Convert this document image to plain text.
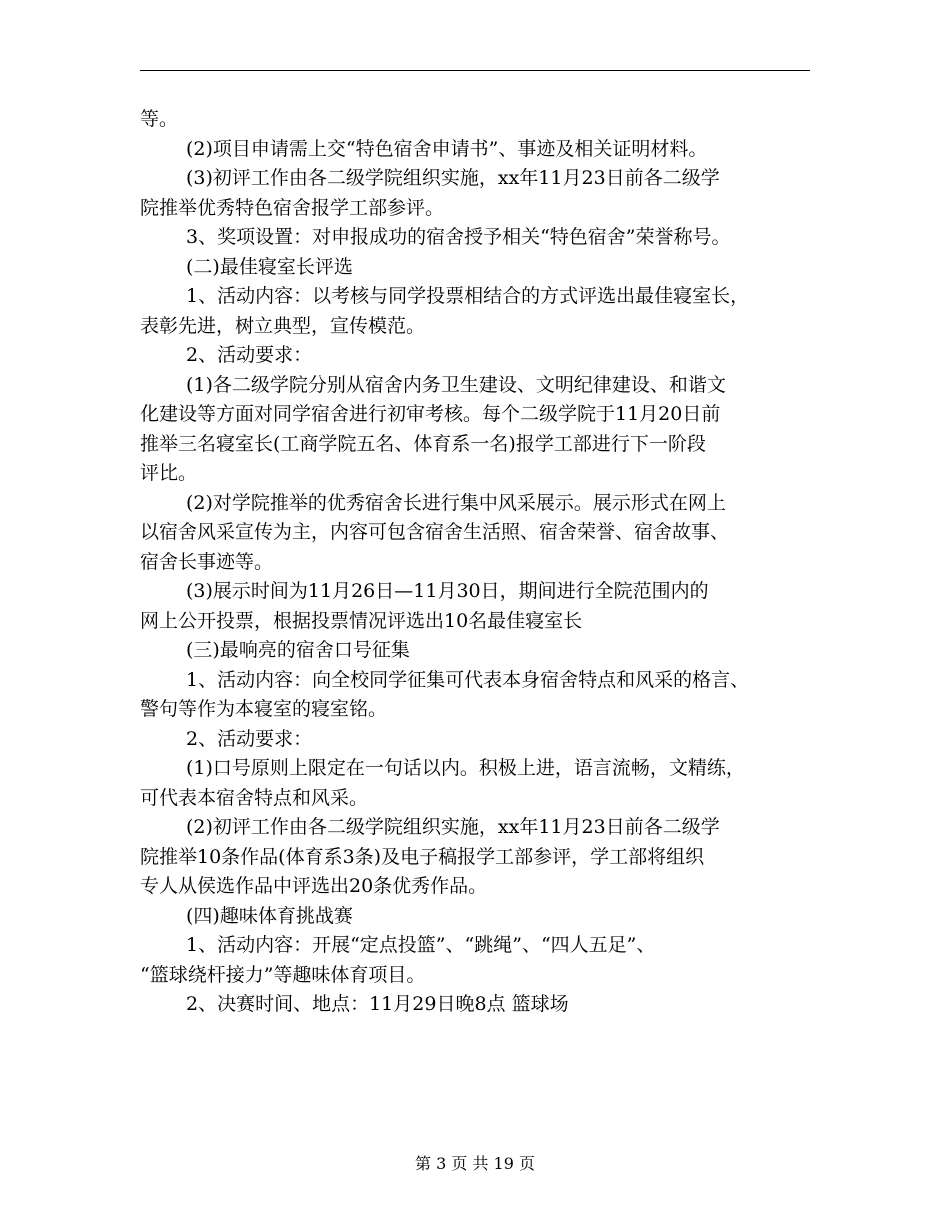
等。
(2)项目申请需上交“特色宿舍申请书”、事迹及相关证明材料。
(3)初评工作由各二级学院组织实施，xx年11月23日前各二级学
院推举优秀特色宿舍报学工部参评。
3、奖项设置：对申报成功的宿舍授予相关“特色宿舍”荣誉称号。
(二)最佳寝室长评选
1、活动内容：以考核与同学投票相结合的方式评选出最佳寝室长，
表彰先进，树立典型，宣传模范。
2、活动要求：
(1)各二级学院分别从宿舍内务卫生建设、文明纪律建设、和谐文
化建设等方面对同学宿舍进行初审考核。每个二级学院于11月20日前
推举三名寝室长(工商学院五名、体育系一名)报学工部进行下一阶段
评比。
(2)对学院推举的优秀宿舍长进行集中风采展示。展示形式在网上
以宿舍风采宣传为主，内容可包含宿舍生活照、宿舍荣誉、宿舍故事、
宿舍长事迹等。
(3)展示时间为11月26日—11月30日，期间进行全院范围内的
网上公开投票，根据投票情况评选出10名最佳寝室长
(三)最响亮的宿舍口号征集
1、活动内容：向全校同学征集可代表本身宿舍特点和风采的格言、
警句等作为本寝室的寝室铭。
2、活动要求：
(1)口号原则上限定在一句话以内。积极上进，语言流畅，文精练，
可代表本宿舍特点和风采。
(2)初评工作由各二级学院组织实施，xx年11月23日前各二级学
院推举10条作品(体育系3条)及电子稿报学工部参评，学工部将组织
专人从侯选作品中评选出20条优秀作品。
(四)趣味体育挑战赛
1、活动内容：开展“定点投篮”、“跳绳”、“四人五足”、
“篮球绕杆接力”等趣味体育项目。
2、决赛时间、地点：11月29日晚8点 篮球场
第 3 页 共 19 页
